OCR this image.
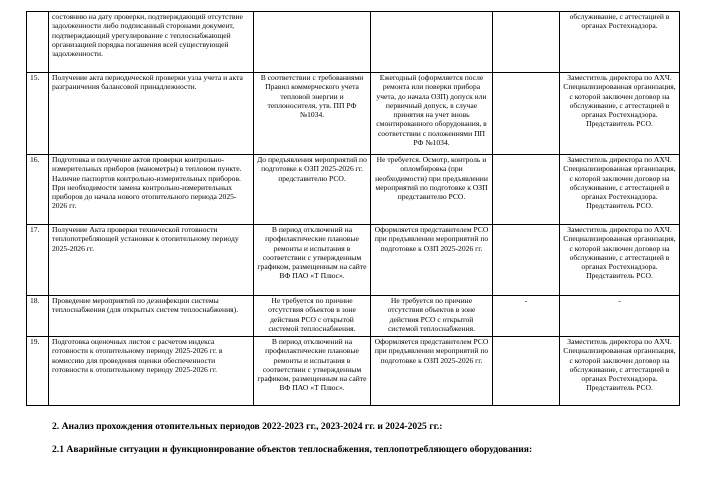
	состоянию на дату проверки, подтверждающий отсутствие задолженности либо подписанный сторонами документ, подтверждающий урегулирование с теплоснабжающей организацией порядка погашения всей существующей задолженности.				обслуживание, с аттестацией в органах Ростехнадзора.
15.	Получение акта периодической проверки узла учета и акта разграничения балансовой принадлежности.	В соответствии с требованиями Правил коммерческого учета тепловой энергии и теплоносителя, утв. ПП РФ №1034.	Ежегодный (оформляется после ремонта или поверки прибора учета, до начала ОЗП) допуск или первичный допуск, в случае принятия на учет вновь смонтированного оборудования, в соответствии с положениями ПП РФ №1034.		Заместитель директора по АХЧ. Специализированная организация, с которой заключен договор на обслуживание, с аттестацией в органах Ростехнадзора. Представитель РСО.
16.	Подготовка и получение актов проверки контрольно-измерительных приборов (манометры) в тепловом пункте. Наличие паспортов контрольно-измерительных приборов. При необходимости замена контрольно-измерительных приборов до начала нового отопительного периода 2025-2026 гг.	До предъявления мероприятий по подготовке к ОЗП 2025-2026 гг. представителю РСО.	Не требуется. Осмотр, контроль и опломбировка (при необходимости) при предъявлении мероприятий по подготовке к ОЗП представителю РСО.		Заместитель директора по АХЧ. Специализированная организация, с которой заключен договор на обслуживание, с аттестацией в органах Ростехнадзора. Представитель РСО.
17.	Получение Акта проверки технической готовности теплопотребляющей установки к отопительному периоду 2025-2026 гг.	В период отключений на профилактические плановые ремонты и испытания в соответствии с утвержденным графиком, размещенным на сайте ВФ ПАО «Т Плюс».	Оформляется представителем РСО при предъявлении мероприятий по подготовке к ОЗП 2025-2026 гг.		Заместитель директора по АХЧ. Специализированная организация, с которой заключен договор на обслуживание, с аттестацией в органах Ростехнадзора. Представитель РСО.
18.	Проведение мероприятий по дезинфекции системы теплоснабжения (для открытых систем теплоснабжения).	Не требуется по причине отсутствия объектов в зоне действия РСО с открытой системой теплоснабжения.	Не требуется по причине отсутствия объектов в зоне действия РСО с открытой системой теплоснабжения.	-	-
19.	Подготовка оценочных листов с расчетом индекса готовности к отопительному периоду 2025-2026 гг. в комиссию для проведения оценки обеспеченности готовности к отопительному периоду 2025-2026 гг.	В период отключений на профилактические плановые ремонты и испытания в соответствии с утвержденным графиком, размещенным на сайте ВФ ПАО «Т Плюс».	Оформляется представителем РСО при предъявлении мероприятий по подготовке к ОЗП 2025-2026 гг.		Заместитель директора по АХЧ. Специализированная организация, с которой заключен договор на обслуживание, с аттестацией в органах Ростехнадзора. Представитель РСО.
2. Анализ прохождения отопительных периодов 2022-2023 гг., 2023-2024 гг. и 2024-2025 гг.:
2.1 Аварийные ситуации и функционирование объектов теплоснабжения, теплопотребляющего оборудования:
